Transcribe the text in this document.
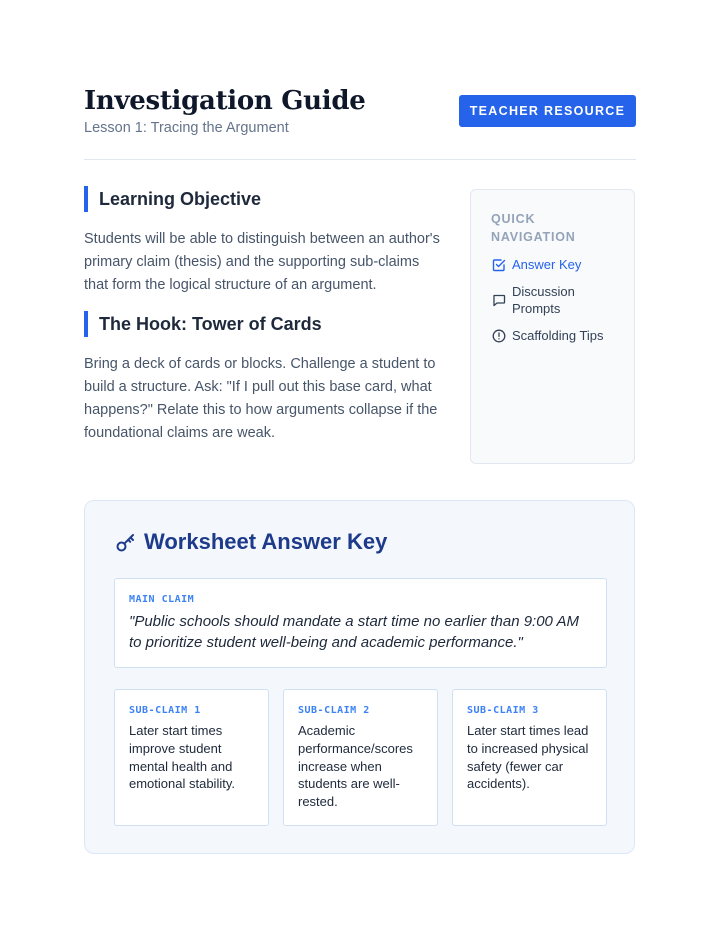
Investigation Guide
Lesson 1: Tracing the Argument
TEACHER RESOURCE
Learning Objective
Students will be able to distinguish between an author's primary claim (thesis) and the supporting sub-claims that form the logical structure of an argument.
The Hook: Tower of Cards
Bring a deck of cards or blocks. Challenge a student to build a structure. Ask: "If I pull out this base card, what happens?" Relate this to how arguments collapse if the foundational claims are weak.
QUICK NAVIGATION
Answer Key
Discussion Prompts
Scaffolding Tips
Worksheet Answer Key
MAIN CLAIM
"Public schools should mandate a start time no earlier than 9:00 AM to prioritize student well-being and academic performance."
SUB-CLAIM 1
Later start times improve student mental health and emotional stability.
SUB-CLAIM 2
Academic performance/scores increase when students are well-rested.
SUB-CLAIM 3
Later start times lead to increased physical safety (fewer car accidents).
